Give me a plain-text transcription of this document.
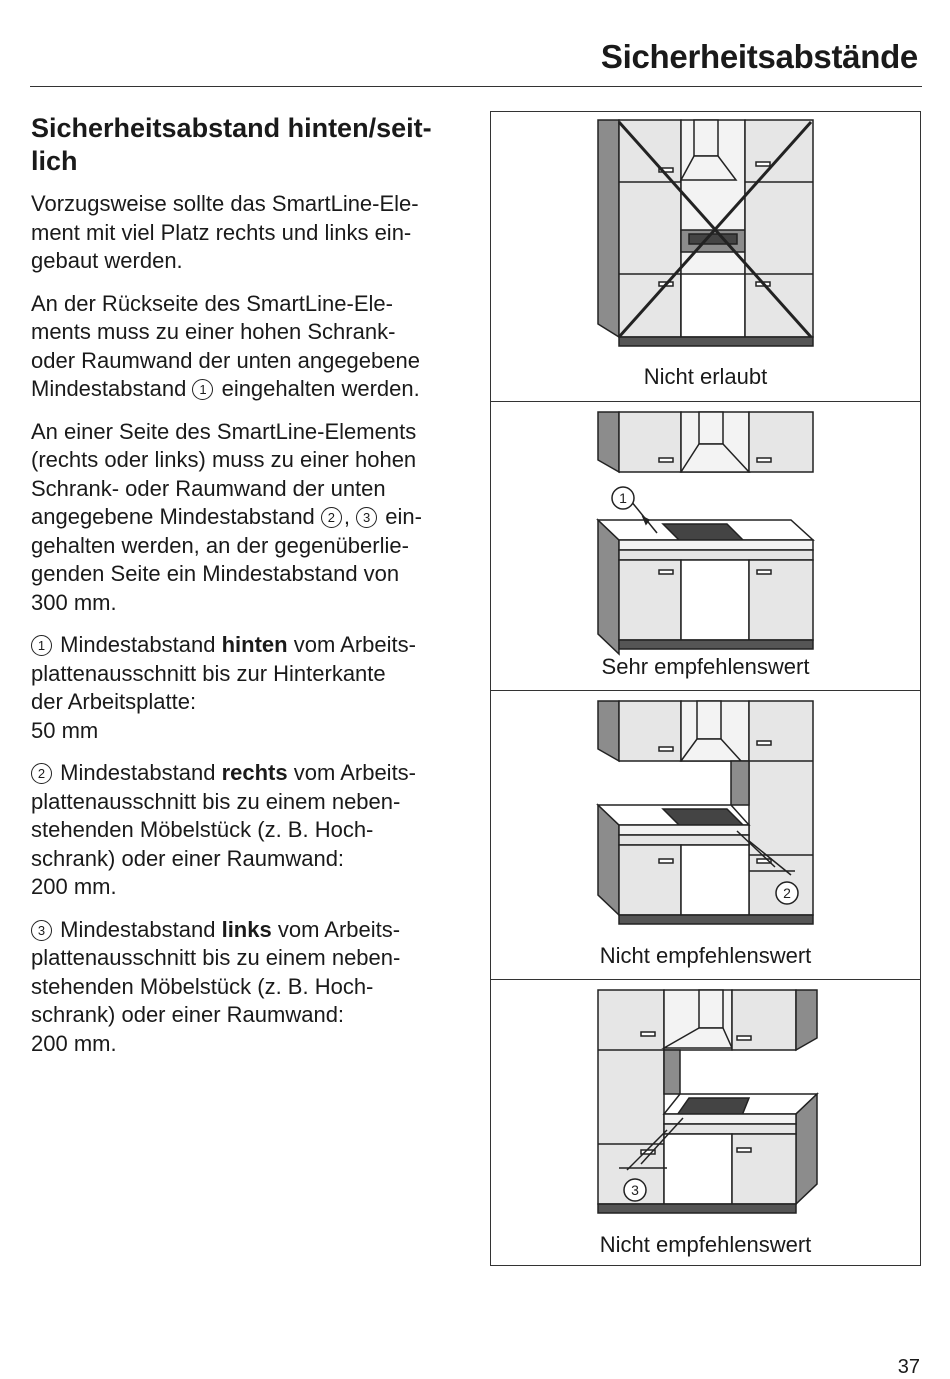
Sicherheitsabstände
Sicherheitsabstand hinten/seit-
lich

Vorzugsweise sollte das SmartLine-Ele-
ment mit viel Platz rechts und links ein-
gebaut werden.

An der Rückseite des SmartLine-Ele-
ments muss zu einer hohen Schrank-
oder Raumwand der unten angegebene
Mindestabstand 1 eingehalten werden.

An einer Seite des SmartLine-Elements
(rechts oder links) muss zu einer hohen
Schrank- oder Raumwand der unten
angegebene Mindestabstand 2 , 3 ein-
gehalten werden, an der gegenüberlie-
genden Seite ein Mindestabstand von
300 mm.

1 Mindestabstand hinten vom Arbeits-
plattenausschnitt bis zur Hinterkante
der Arbeitsplatte:
50 mm

2 Mindestabstand rechts vom Arbeits-
plattenausschnitt bis zu einem neben-
stehenden Möbelstück (z. B. Hoch-
schrank) oder einer Raumwand:
200 mm.

3 Mindestabstand links vom Arbeits-
plattenausschnitt bis zu einem neben-
stehenden Möbelstück (z. B. Hoch-
schrank) oder einer Raumwand:
200 mm.

Nicht erlaubt
1
Sehr empfehlenswert
2
Nicht empfehlenswert
3
Nicht empfehlenswert
37
